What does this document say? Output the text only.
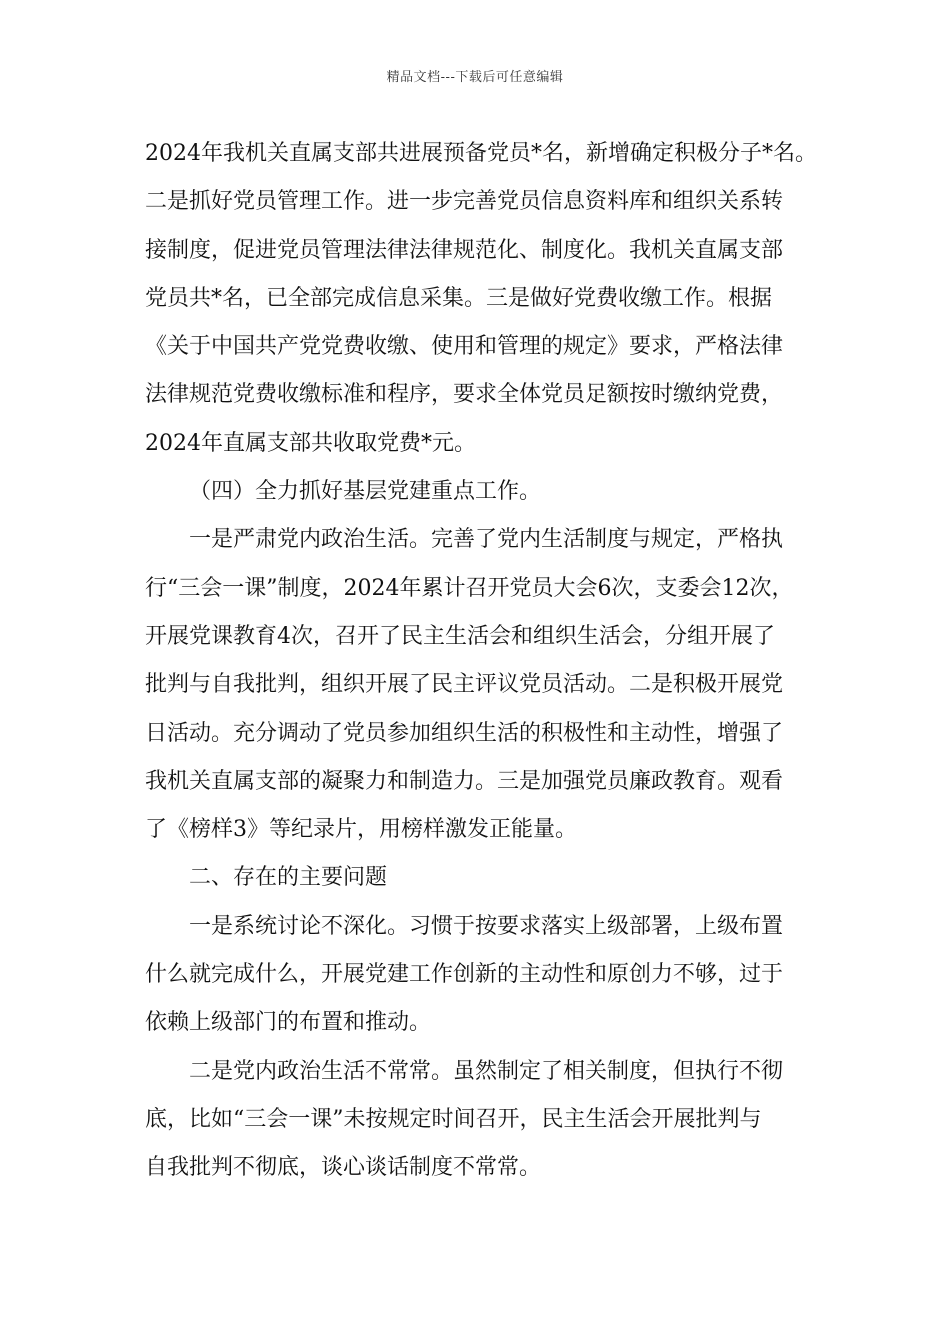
精品文档---下载后可任意编辑
2024年我机关直属支部共进展预备党员*名，新增确定积极分子*名。
二是抓好党员管理工作。进一步完善党员信息资料库和组织关系转
接制度，促进党员管理法律法律规范化、制度化。我机关直属支部
党员共*名，已全部完成信息采集。三是做好党费收缴工作。根据
《关于中国共产党党费收缴、使用和管理的规定》要求，严格法律
法律规范党费收缴标准和程序，要求全体党员足额按时缴纳党费，
2024年直属支部共收取党费*元。
（四）全力抓好基层党建重点工作。
一是严肃党内政治生活。完善了党内生活制度与规定，严格执
行“三会一课”制度，2024年累计召开党员大会6次，支委会12次，
开展党课教育4次，召开了民主生活会和组织生活会，分组开展了
批判与自我批判，组织开展了民主评议党员活动。二是积极开展党
日活动。充分调动了党员参加组织生活的积极性和主动性，增强了
我机关直属支部的凝聚力和制造力。三是加强党员廉政教育。观看
了《榜样3》等纪录片，用榜样激发正能量。
二、存在的主要问题
一是系统讨论不深化。习惯于按要求落实上级部署，上级布置
什么就完成什么，开展党建工作创新的主动性和原创力不够，过于
依赖上级部门的布置和推动。
二是党内政治生活不常常。虽然制定了相关制度，但执行不彻
底，比如“三会一课”未按规定时间召开，民主生活会开展批判与
自我批判不彻底，谈心谈话制度不常常。
